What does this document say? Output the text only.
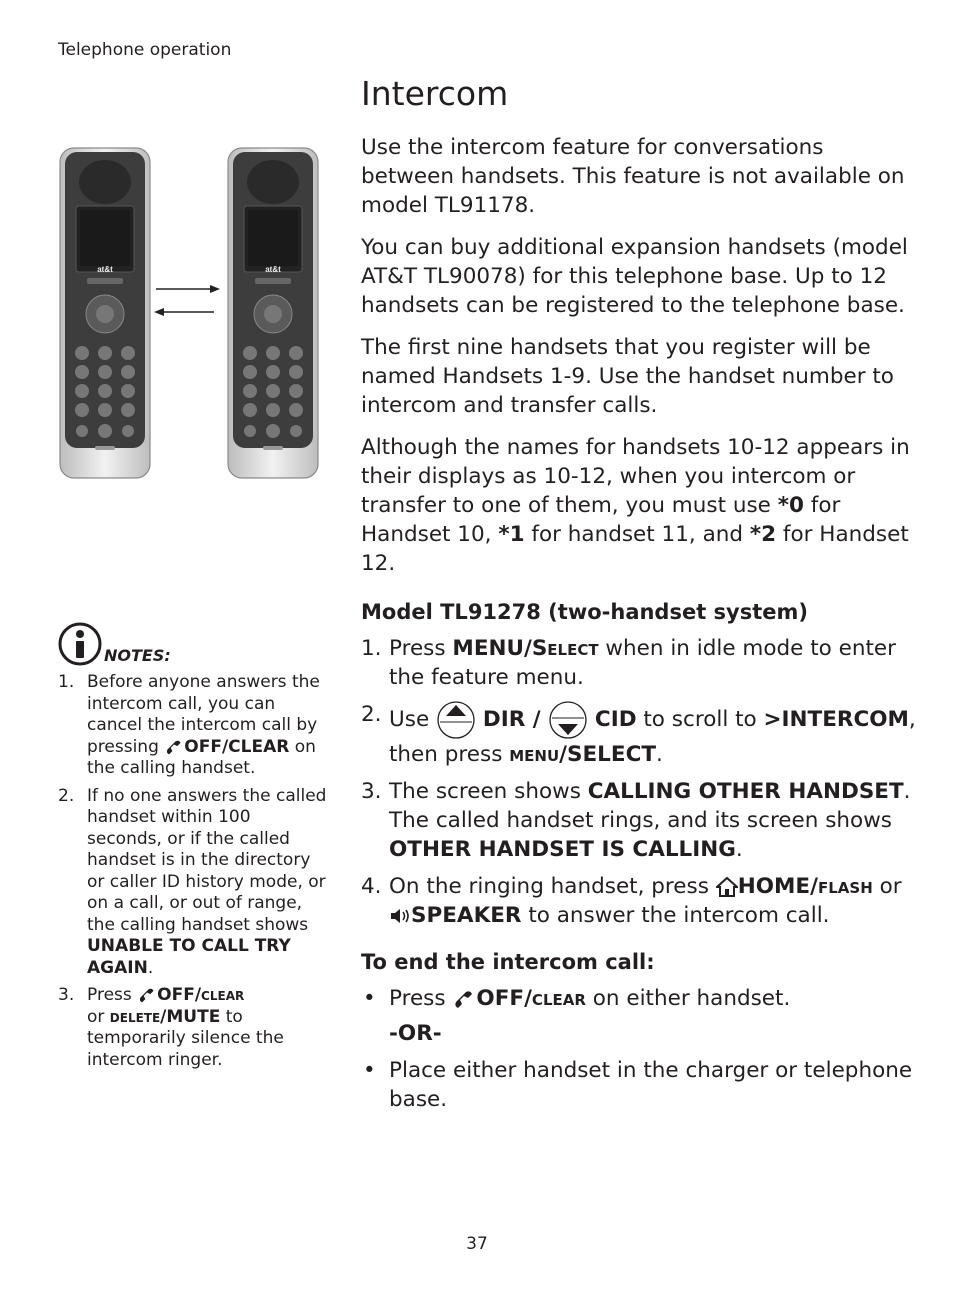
Telephone operation
Intercom

Use the intercom feature for conversations between handsets. This feature is not available on model TL91178.

You can buy additional expansion handsets (model AT&T TL90078) for this telephone base. Up to 12 handsets can be registered to the telephone base.

The first nine handsets that you register will be named Handsets 1-9. Use the handset number to intercom and transfer calls.

Although the names for handsets 10-12 appears in their displays as 10-12, when you intercom or transfer to one of them, you must use *0 for Handset 10, *1 for handset 11, and *2 for Handset 12.

Model TL91278 (two-handset system)
1. Press MENU/Select when in idle mode to enter the feature menu.
2. Use  DIR /  CID to scroll to >INTERCOM, then press menu/SELECT.
3. The screen shows CALLING OTHER HANDSET. The called handset rings, and its screen shows OTHER HANDSET IS CALLING.
4. On the ringing handset, press HOME/flash or
SPEAKER to answer the intercom call.
To end the intercom call:
• Press OFF/clear on either handset.
-OR-
• Place either handset in the charger or telephone base.
NOTES:
1. Before anyone answers the intercom call, you can cancel the intercom call by pressing OFF/CLEAR on the calling handset.
2. If no one answers the called handset within 100 seconds, or if the called handset is in the directory or caller ID history mode, or on a call, or out of range, the calling handset shows UNABLE TO CALL TRY AGAIN.
3. Press OFF/clear
or delete/MUTE to temporarily silence the intercom ringer.
37
